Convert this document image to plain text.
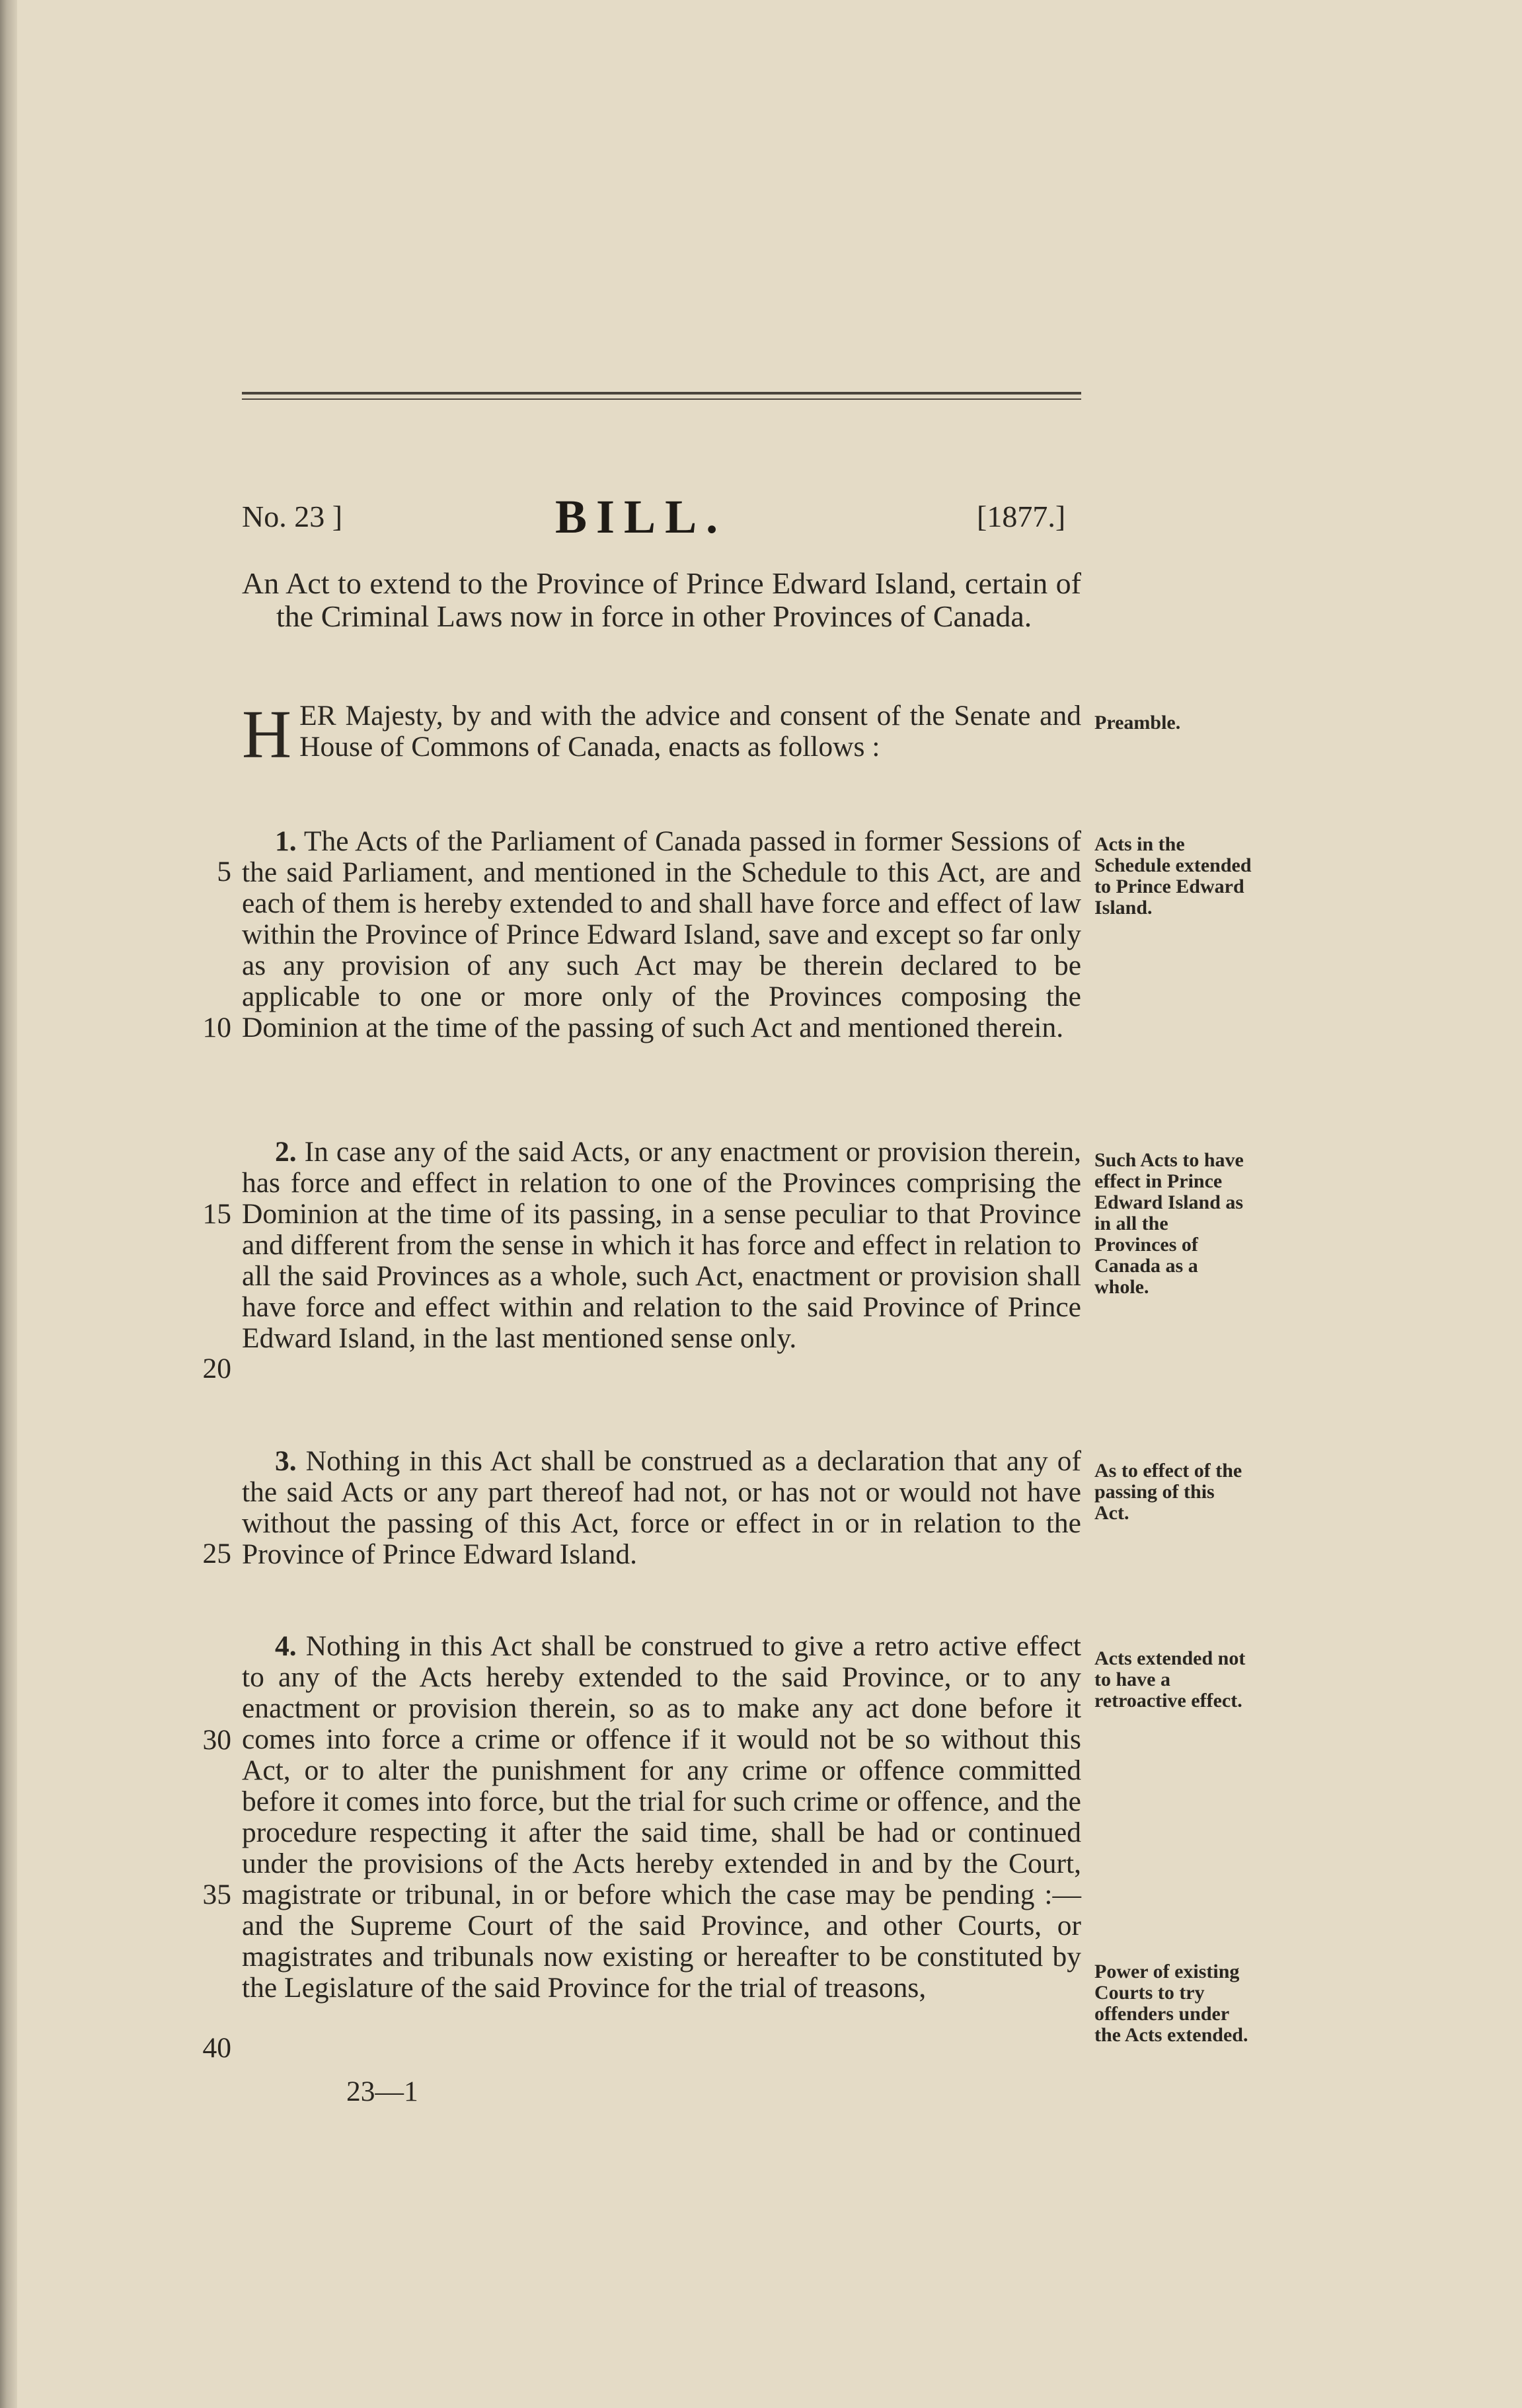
No. 23 ]	BILL.	[1877.]

An Act to extend to the Province of Prince Edward Island, certain of the Criminal Laws now in force in other Provinces of Canada.

H ER Majesty, by and with the advice and consent of the Senate and House of Commons of Canada, enacts as follows :

1. The Acts of the Parliament of Canada passed in former Sessions of the said Parliament, and mentioned in the Schedule to this Act, are and each of them is hereby extended to and shall have force and effect of law within the Province of Prince Edward Island, save and except so far only as any provision of any such Act may be therein declared to be applicable to one or more only of the Provinces composing the Dominion at the time of the passing of such Act and mentioned therein.

2. In case any of the said Acts, or any enactment or provision therein, has force and effect in relation to one of the Provinces comprising the Dominion at the time of its passing, in a sense peculiar to that Province and different from the sense in which it has force and effect in relation to all the said Provinces as a whole, such Act, enactment or provision shall have force and effect within and relation to the said Province of Prince Edward Island, in the last mentioned sense only.

3. Nothing in this Act shall be construed as a declaration that any of the said Acts or any part thereof had not, or has not or would not have without the passing of this Act, force or effect in or in relation to the Province of Prince Edward Island.

4. Nothing in this Act shall be construed to give a retro active effect to any of the Acts hereby extended to the said Province, or to any enactment or provision therein, so as to make any act done before it comes into force a crime or offence if it would not be so without this Act, or to alter the punishment for any crime or offence committed before it comes into force, but the trial for such crime or offence, and the procedure respecting it after the said time, shall be had or continued under the provisions of the Acts hereby extended in and by the Court, magistrate or tribunal, in or before which the case may be pending :—and the Supreme Court of the said Province, and other Courts, or magistrates and tribunals now existing or hereafter to be constituted by the Legislature of the said Province for the trial of treasons,

5
10
15
20
25
30
35
40

Preamble.

Acts in the Schedule extended to Prince Edward Island.

Such Acts to have effect in Prince Edward Island as in all the Provinces of Canada as a whole.

As to effect of the passing of this Act.

Acts extended not to have a retroactive effect.

Power of existing Courts to try offenders under the Acts extended.

23—1
